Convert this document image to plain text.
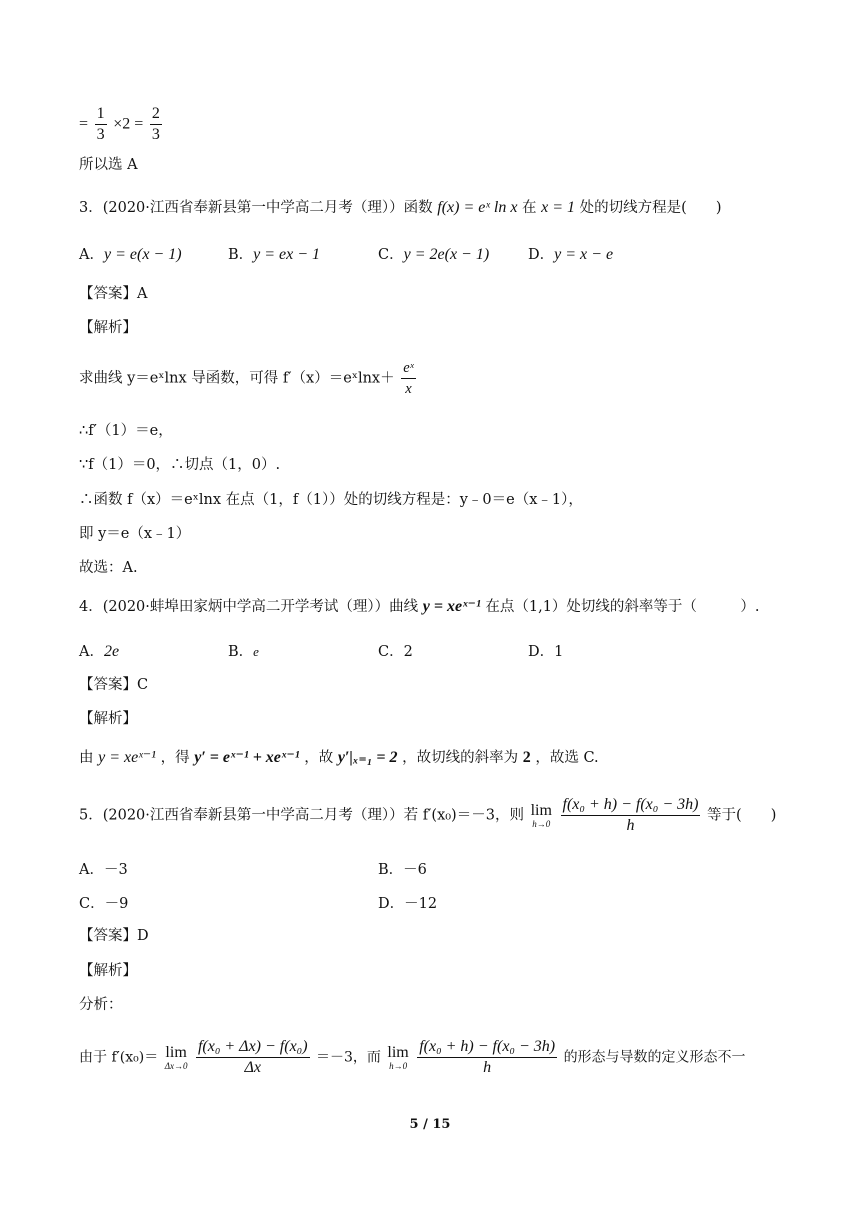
= $\frac{1}{3} \times 2 = \frac{2}{3}$
所以选 A
3．(2020·江西省奉新县第一中学高二月考（理））函数 f(x) = eˣ ln x 在 x = 1 处的切线方程是(　　)
A．y = e(x − 1)	B．y = ex − 1	C．y = 2e(x − 1)	D．y = x − e
【答案】A
【解析】
求曲线 y＝eˣlnx 导函数，可得 f′（x）＝eˣlnx＋ $\frac{\text{eˣ}}{x}$
∴f′（1）＝e，
∵f（1）＝0，∴切点（1，0）.
∴函数 f（x）＝eˣlnx 在点（1，f（1））处的切线方程是：y﹣0＝e（x﹣1），
即 y＝e（x﹣1）
故选：A.
4．(2020·蚌埠田家炳中学高二开学考试（理））曲线 y = xeˣ⁻¹ 在点（1,1）处切线的斜率等于（　　　）.
A．2e	B．e	C．2	D．1
【答案】C
【解析】
由 y = xeˣ⁻¹ ，得 y′ = eˣ⁻¹ + xeˣ⁻¹ ，故 y′|ₓ₌₁ = 2 ，故切线的斜率为 2 ，故选 C.
5．(2020·江西省奉新县第一中学高二月考（理））若 f′(x₀)＝－3，则 lim
h→0
$\frac{\text{f(x₀ + h) − f(x₀ − 3h)}}{h}$ 等于(　　)
A．－3	B．－6
C．－9	D．－12
【答案】D
【解析】
分析：
由于 f′(x₀)＝ lim
Δx→0
$\frac{\text{f(x₀ + Δx) − f(x₀)}}{\Delta x} =-3$，而 lim
h→0
$\frac{\text{f(x₀ + h) − f(x₀ − 3h)}}{h}$ 的形态与导数的定义形态不一
5 / 15
